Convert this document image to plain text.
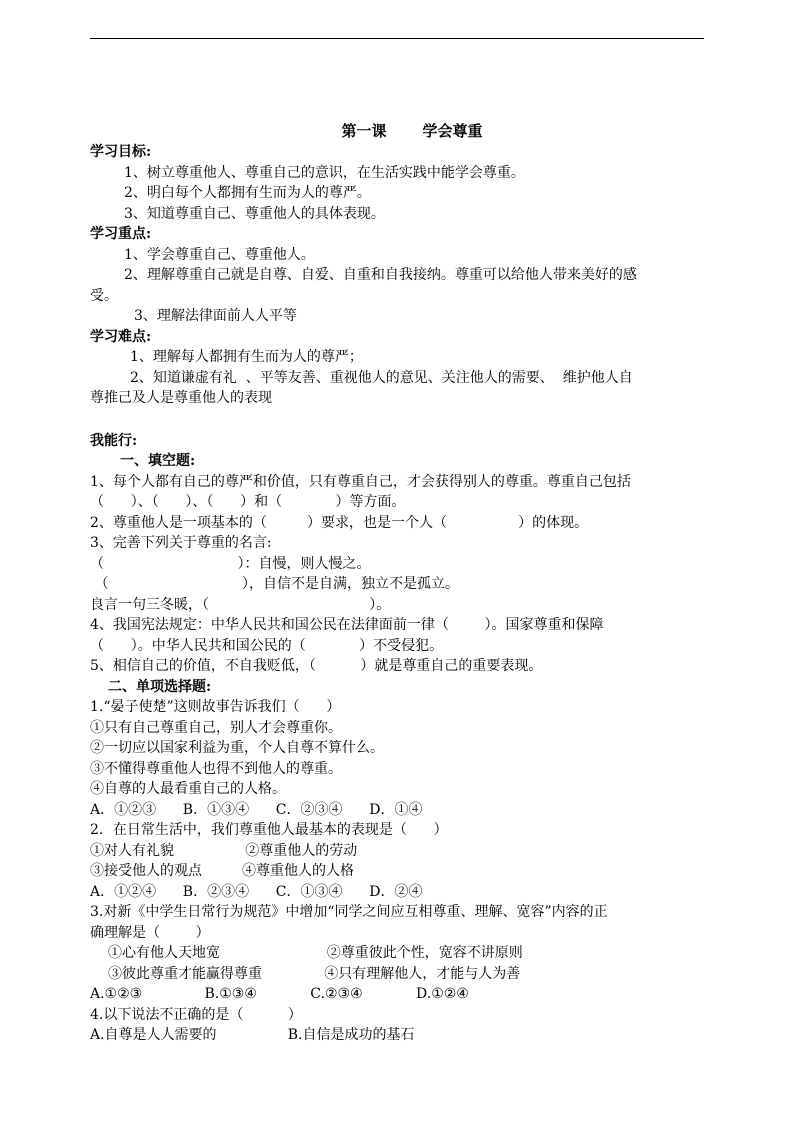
第一课 学会尊重

学习目标:

1、树立尊重他人、尊重自己的意识，在生活实践中能学会尊重。

2、明白每个人都拥有生而为人的尊严。

3、知道尊重自己、尊重他人的具体表现。

学习重点:

1、学会尊重自己、尊重他人。

2、理解尊重自己就是自尊、自爱、自重和自我接纳。尊重可以给他人带来美好的感

受。

3、理解法律面前人人平等

学习难点:

1、理解每人都拥有生而为人的尊严；

2、知道谦虚有礼  、平等友善、重视他人的意见、关注他人的需要、  维护他人自

尊推己及人是尊重他人的表现

我能行:

一、填空题:

1、每个人都有自己的尊严和价值，只有尊重自己，才会获得别人的尊重。尊重自己包括

（      ）、（      ）、（      ）和（            ）等方面。

2、尊重他人是一项基本的（         ）要求，也是一个人（                ）的体现。

3、完善下列关于尊重的名言:

（                              ）：自慢，则人慢之。

（                              ），自信不是自满，独立不是孤立。

良言一句三冬暖，（                                    ）。

4、我国宪法规定：中华人民共和国公民在法律面前一律（        ）。国家尊重和保障

（      ）。中华人民共和国公民的（            ）不受侵犯。

5、相信自己的价值，不自我贬低，（          ）就是尊重自己的重要表现。

二、单项选择题:

1.“晏子使楚”这则故事告诉我们（      ）

①只有自己尊重自己，别人才会尊重你。

②一切应以国家利益为重，个人自尊不算什么。

③不懂得尊重他人也得不到他人的尊重。

④自尊的人最看重自己的人格。

A．①②③      B．①③④      C．②③④      D．①④

2．在日常生活中，我们尊重他人最基本的表现是（      ）

①对人有礼貌                ②尊重他人的劳动

③接受他人的观点         ④尊重他人的人格

A．①②④      B．②③④      C．①③④      D．②④

3.对新《中学生日常行为规范》中增加“同学之间应互相尊重、理解、宽容”内容的正

确理解是（        ）

①心有他人天地宽                        ②尊重彼此个性，宽容不讲原则

③彼此尊重才能赢得尊重              ④只有理解他人，才能与人为善

A.①②③              B.①③④            C.②③④            D.①②④

4.以下说法不正确的是（          ）

A.自尊是人人需要的                B.自信是成功的基石
